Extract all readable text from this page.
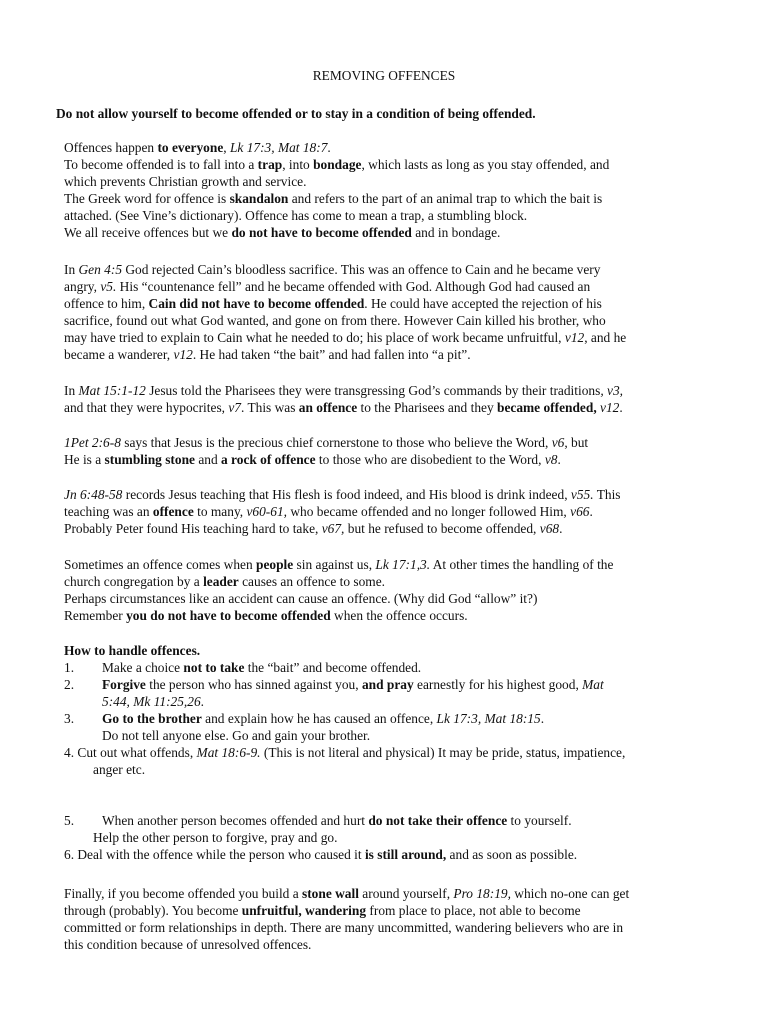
REMOVING OFFENCES
Do not allow yourself to become offended or to stay in a condition of being offended.
Offences happen to everyone, Lk 17:3, Mat 18:7.
To become offended is to fall into a trap, into bondage, which lasts as long as you stay offended, and
which prevents Christian growth and service.
The Greek word for offence is skandalon and refers to the part of an animal trap to which the bait is
attached. (See Vine’s dictionary). Offence has come to mean a trap, a stumbling block.
We all receive offences but we do not have to become offended and in bondage.
In Gen 4:5 God rejected Cain’s bloodless sacrifice. This was an offence to Cain and he became very
angry, v5. His “countenance fell” and he became offended with God. Although God had caused an
offence to him, Cain did not have to become offended. He could have accepted the rejection of his
sacrifice, found out what God wanted, and gone on from there. However Cain killed his brother, who
may have tried to explain to Cain what he needed to do; his place of work became unfruitful, v12, and he
became a wanderer, v12. He had taken “the bait” and had fallen into “a pit”.
In Mat 15:1-12 Jesus told the Pharisees they were transgressing God’s commands by their traditions, v3,
and that they were hypocrites, v7. This was an offence to the Pharisees and they became offended, v12.
1Pet 2:6-8 says that Jesus is the precious chief cornerstone to those who believe the Word, v6, but
He is a stumbling stone and a rock of offence to those who are disobedient to the Word, v8.
Jn 6:48-58 records Jesus teaching that His flesh is food indeed, and His blood is drink indeed, v55. This
teaching was an offence to many, v60-61, who became offended and no longer followed Him, v66.
Probably Peter found His teaching hard to take, v67, but he refused to become offended, v68.
Sometimes an offence comes when people sin against us, Lk 17:1,3. At other times the handling of the
church congregation by a leader causes an offence to some.
Perhaps circumstances like an accident can cause an offence. (Why did God “allow” it?)
Remember you do not have to become offended when the offence occurs.
How to handle offences.
1. Make a choice not to take the “bait” and become offended.
2. Forgive the person who has sinned against you, and pray earnestly for his highest good, Mat
5:44, Mk 11:25,26.
3. Go to the brother and explain how he has caused an offence, Lk 17:3, Mat 18:15.
Do not tell anyone else. Go and gain your brother.
4. Cut out what offends, Mat 18:6-9. (This is not literal and physical) It may be pride, status, impatience,
anger etc.
5. When another person becomes offended and hurt do not take their offence to yourself.
Help the other person to forgive, pray and go.
6. Deal with the offence while the person who caused it is still around, and as soon as possible.
Finally, if you become offended you build a stone wall around yourself, Pro 18:19, which no-one can get
through (probably). You become unfruitful, wandering from place to place, not able to become
committed or form relationships in depth. There are many uncommitted, wandering believers who are in
this condition because of unresolved offences.
